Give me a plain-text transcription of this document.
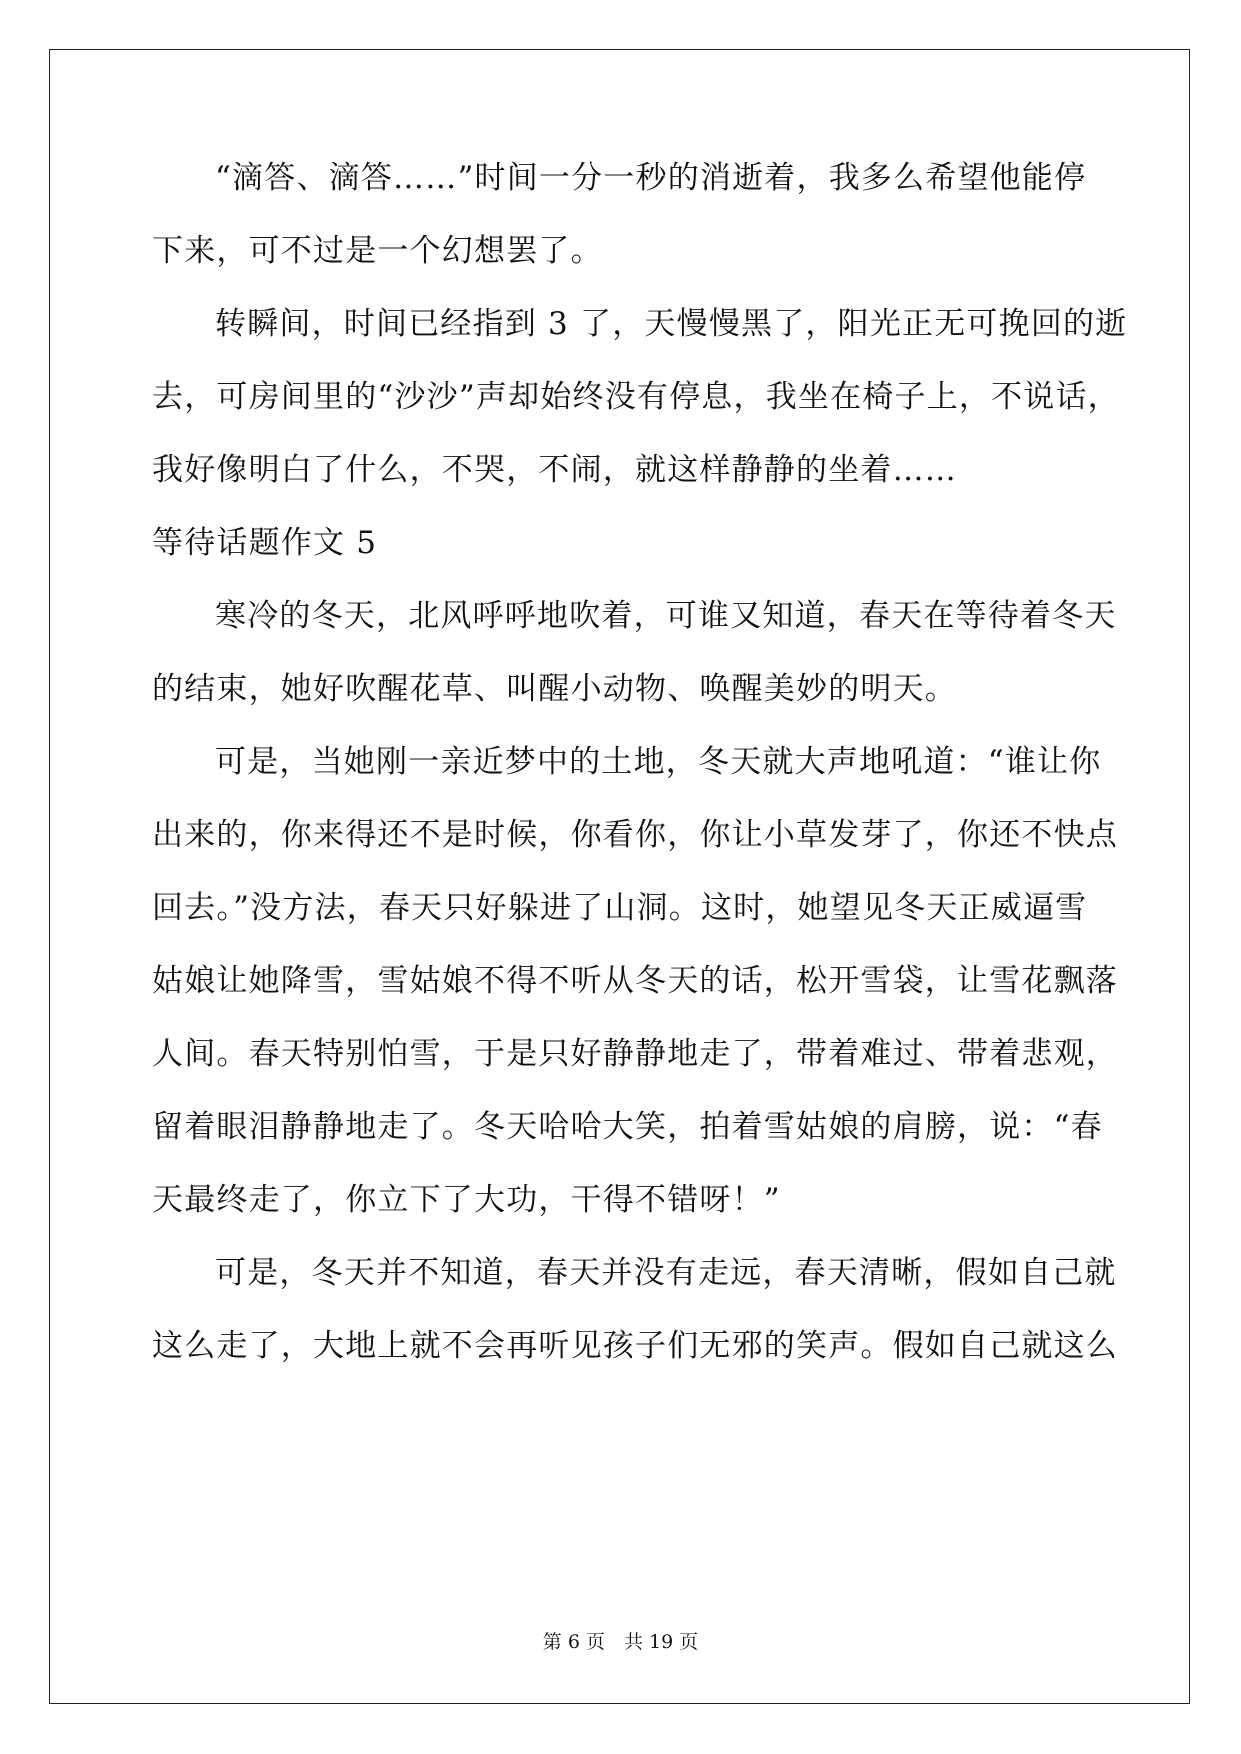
“滴答、滴答……”时间一分一秒的消逝着，我多么希望他能停
下来，可不过是一个幻想罢了。
转瞬间，时间已经指到 3 了，天慢慢黑了，阳光正无可挽回的逝
去，可房间里的“沙沙”声却始终没有停息，我坐在椅子上，不说话，
我好像明白了什么，不哭，不闹，就这样静静的坐着……
等待话题作文 5
寒冷的冬天，北风呼呼地吹着，可谁又知道，春天在等待着冬天
的结束，她好吹醒花草、叫醒小动物、唤醒美妙的明天。
可是，当她刚一亲近梦中的土地，冬天就大声地吼道：“谁让你
出来的，你来得还不是时候，你看你，你让小草发芽了，你还不快点
回去。”没方法，春天只好躲进了山洞。这时，她望见冬天正威逼雪
姑娘让她降雪，雪姑娘不得不听从冬天的话，松开雪袋，让雪花飘落
人间。春天特别怕雪，于是只好静静地走了，带着难过、带着悲观，
留着眼泪静静地走了。冬天哈哈大笑，拍着雪姑娘的肩膀，说：“春
天最终走了，你立下了大功，干得不错呀！”
可是，冬天并不知道，春天并没有走远，春天清晰，假如自己就
这么走了，大地上就不会再听见孩子们无邪的笑声。假如自己就这么
第 6 页　共 19 页
